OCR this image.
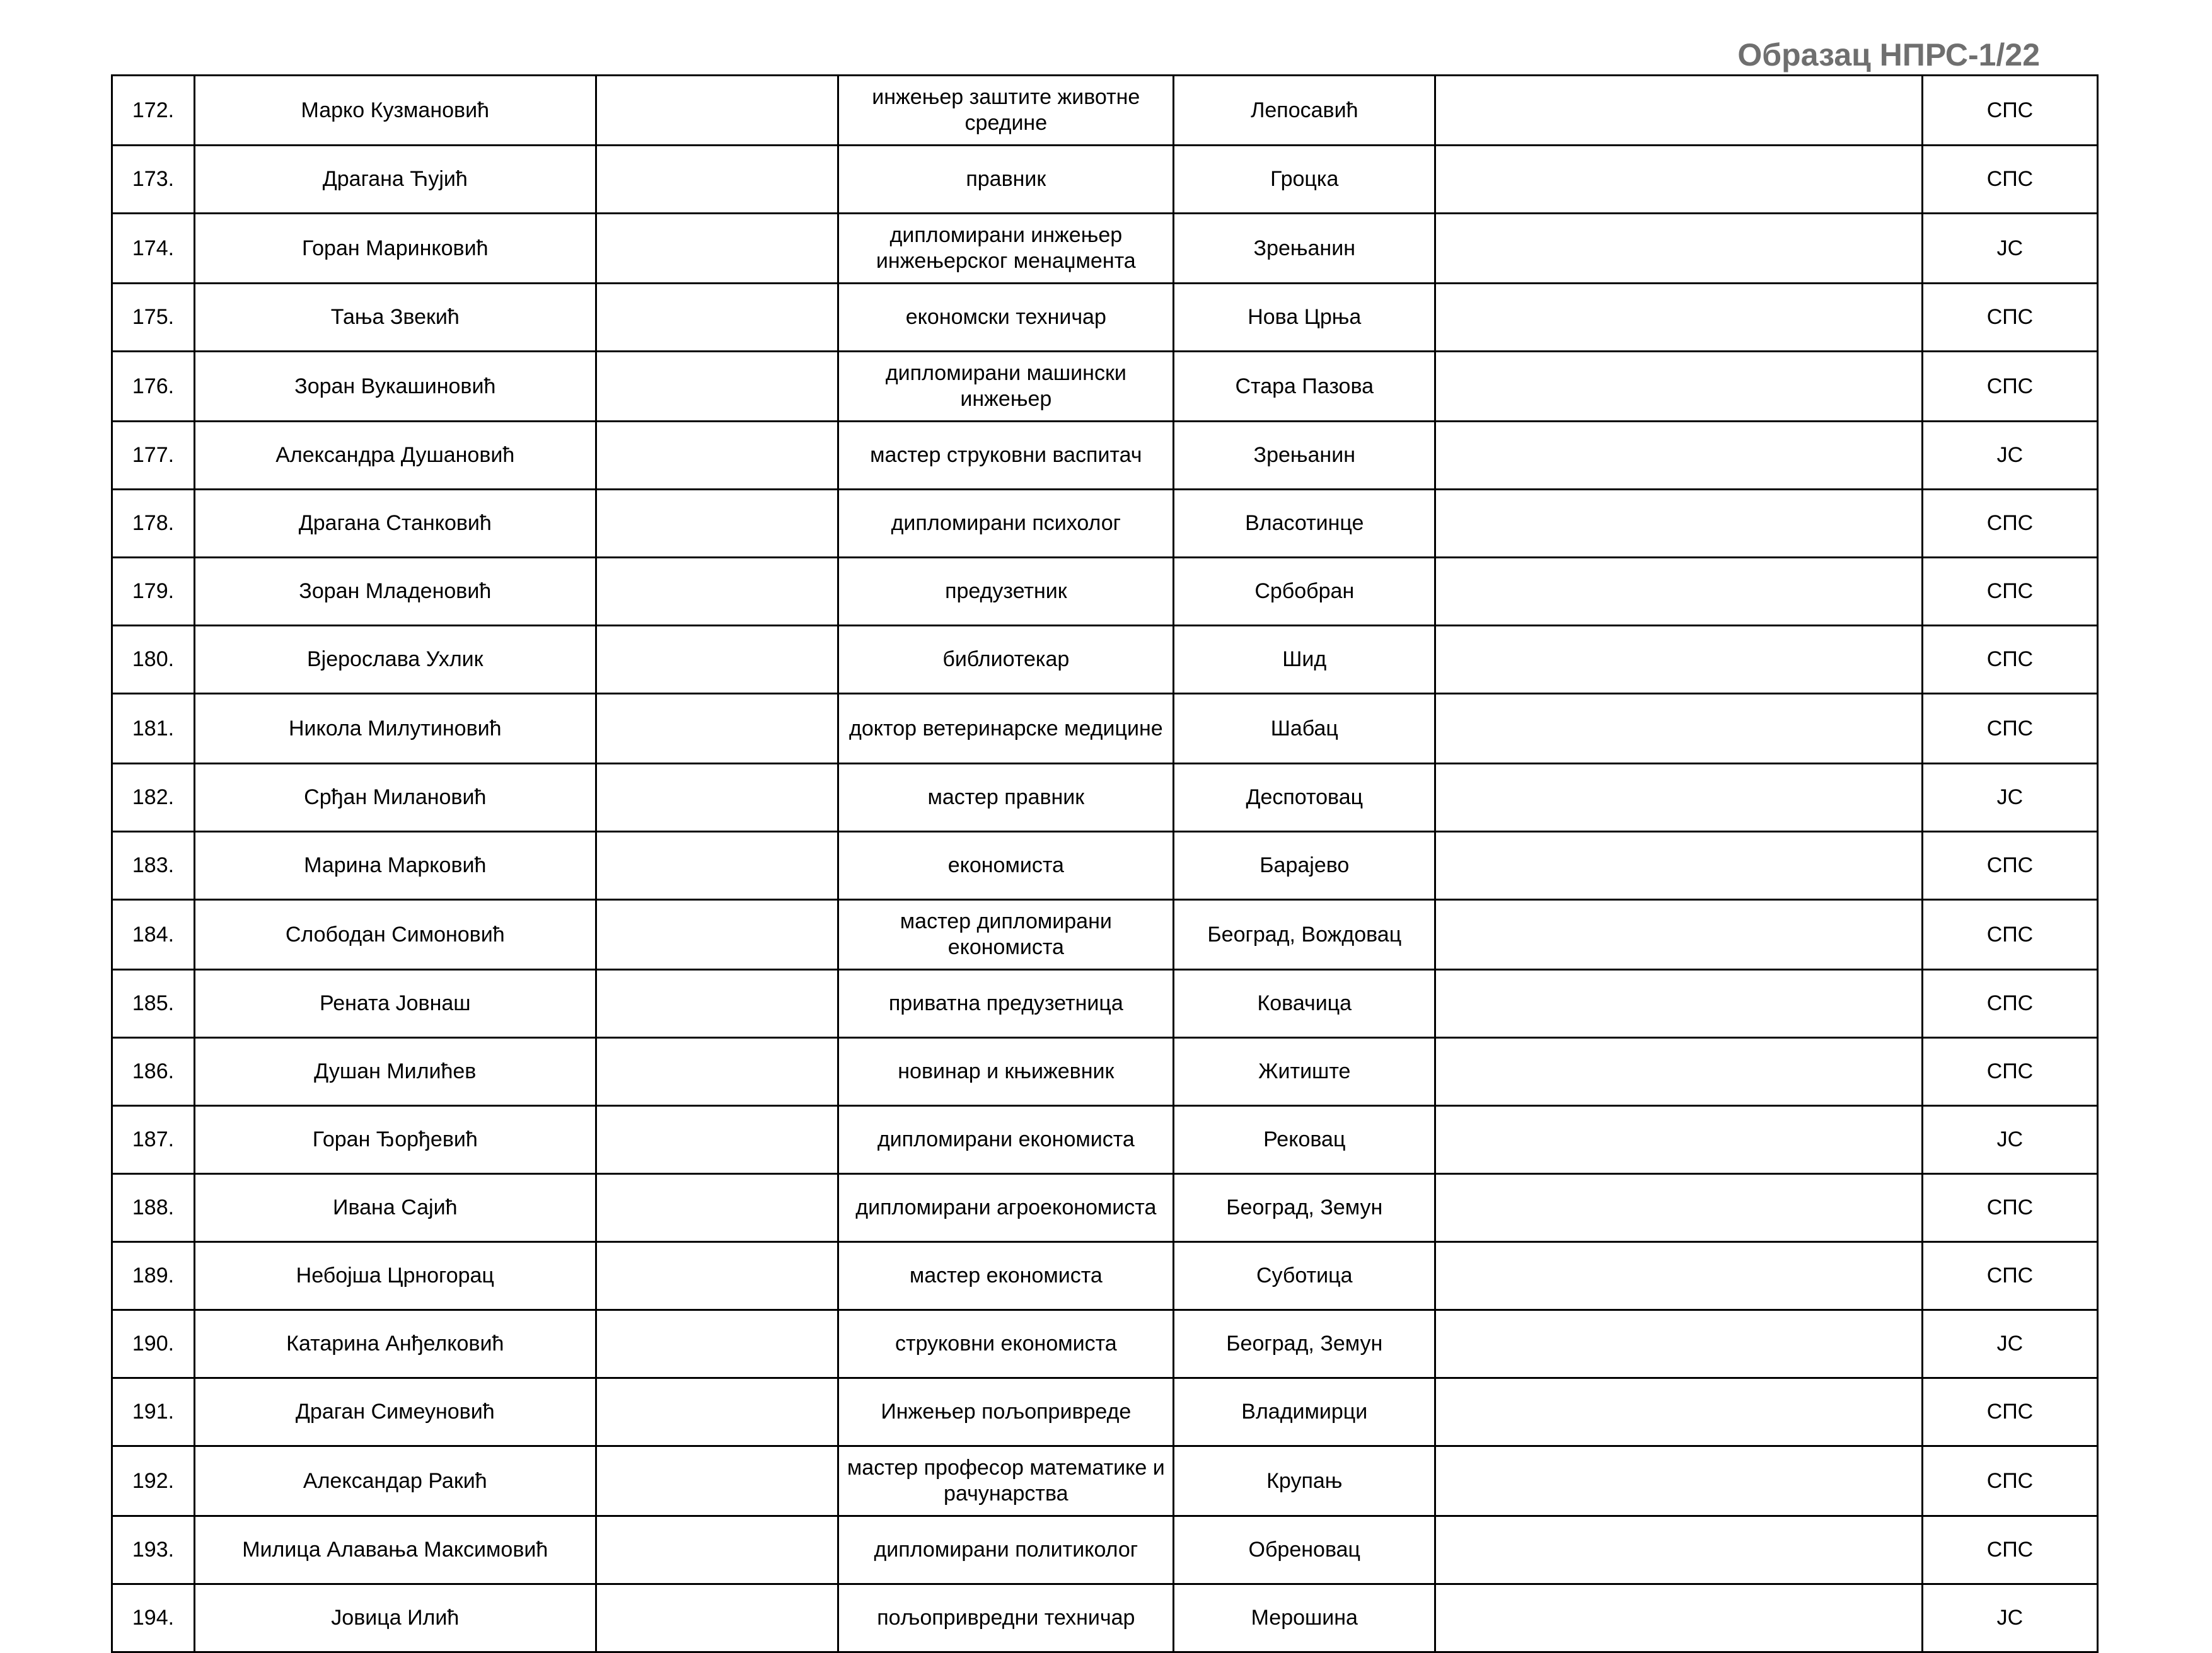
Образац НПРС-1/22
172.	Марко Кузмановић		инжењер заштите животне средине	Лепосавић		СПС
173.	Драгана Ћујић		правник	Гроцка		СПС
174.	Горан Маринковић		дипломирани инжењер инжењерског менаџмента	Зрењанин		ЈС
175.	Тања Звекић		економски техничар	Нова Црња		СПС
176.	Зоран Вукашиновић		дипломирани машински инжењер	Стара Пазова		СПС
177.	Александра Душановић		мастер струковни васпитач	Зрењанин		ЈС
178.	Драгана Станковић		дипломирани психолог	Власотинце		СПС
179.	Зоран Младеновић		предузетник	Србобран		СПС
180.	Вјерослава Ухлик		библиотекар	Шид		СПС
181.	Никола Милутиновић		доктор ветеринарске медицине	Шабац		СПС
182.	Срђан Милановић		мастер правник	Деспотовац		ЈС
183.	Марина Марковић		економиста	Барајево		СПС
184.	Слободан Симоновић		мастер дипломирани економиста	Београд, Вождовац		СПС
185.	Рената Јовнаш		приватна предузетница	Ковачица		СПС
186.	Душан Милићев		новинар и књижевник	Житиште		СПС
187.	Горан Ђорђевић		дипломирани економиста	Рековац		ЈС
188.	Ивана Сајић		дипломирани агроекономиста	Београд, Земун		СПС
189.	Небојша Црногорац		мастер економиста	Суботица		СПС
190.	Катарина Анђелковић		струковни економиста	Београд, Земун		ЈС
191.	Драган Симеуновић		Инжењер пољопривреде	Владимирци		СПС
192.	Александар Ракић		мастер професор математике и рачунарства	Крупањ		СПС
193.	Милица Алавања Максимовић		дипломирани политиколог	Обреновац		СПС
194.	Јовица Илић		пољопривредни техничар	Мерошина		ЈС
